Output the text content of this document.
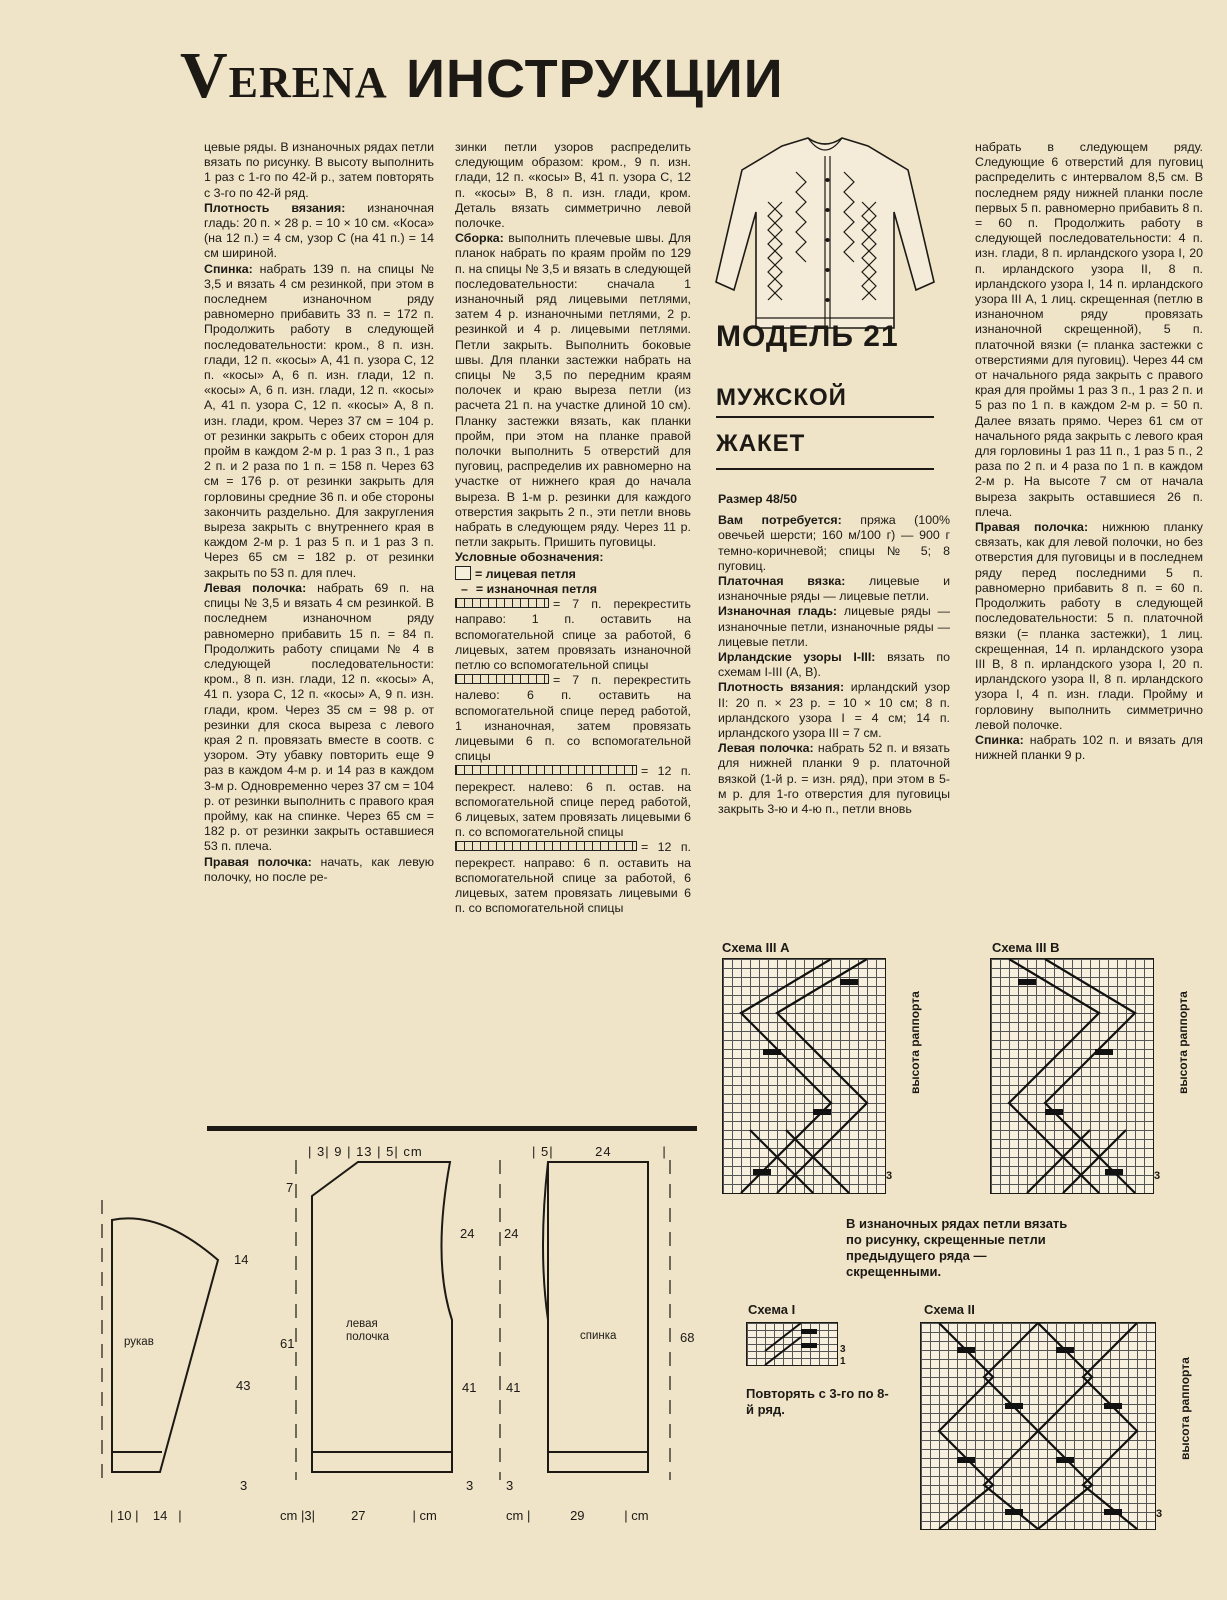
VERENA ИНСТРУКЦИИ

цевые ряды. В изнаночных рядах петли вязать по рисунку. В высоту выполнить 1 раз с 1-го по 42-й р., затем повторять с 3-го по 42-й ряд.

Плотность вязания: изнаночная гладь: 20 п. × 28 р. = 10 × 10 см. «Коса» (на 12 п.) = 4 см, узор С (на 41 п.) = 14 см шириной.

Спинка: набрать 139 п. на спицы № 3,5 и вязать 4 см резинкой, при этом в последнем изнаночном ряду равномерно прибавить 33 п. = 172 п. Продолжить работу в следующей последовательности: кром., 8 п. изн. глади, 12 п. «косы» А, 41 п. узора С, 12 п. «косы» А, 6 п. изн. глади, 12 п. «косы» А, 6 п. изн. глади, 12 п. «косы» А, 41 п. узора С, 12 п. «косы» А, 8 п. изн. глади, кром. Через 37 см = 104 р. от резинки закрыть с обеих сторон для пройм в каждом 2-м р. 1 раз 3 п., 1 раз 2 п. и 2 раза по 1 п. = 158 п. Через 63 см = 176 р. от резинки закрыть для горловины средние 36 п. и обе стороны закончить раздельно. Для закругления выреза закрыть с внутреннего края в каждом 2-м р. 1 раз 5 п. и 1 раз 3 п. Через 65 см = 182 р. от резинки закрыть по 53 п. для плеч.

Левая полочка: набрать 69 п. на спицы № 3,5 и вязать 4 см резинкой. В последнем изнаночном ряду равномерно прибавить 15 п. = 84 п. Продолжить работу спицами № 4 в следующей последовательности: кром., 8 п. изн. глади, 12 п. «косы» А, 41 п. узора С, 12 п. «косы» А, 9 п. изн. глади, кром. Через 35 см = 98 р. от резинки для скоса выреза с левого края 2 п. провязать вместе в соотв. с узором. Эту убавку повторить еще 9 раз в каждом 4-м р. и 14 раз в каждом 3-м р. Одновременно через 37 см = 104 р. от резинки выполнить с правого края пройму, как на спинке. Через 65 см = 182 р. от резинки закрыть оставшиеся 53 п. плеча.

Правая полочка: начать, как левую полочку, но после ре-

зинки петли узоров распределить следующим образом: кром., 9 п. изн. глади, 12 п. «косы» В, 41 п. узора С, 12 п. «косы» В, 8 п. изн. глади, кром. Деталь вязать симметрично левой полочке.

Сборка: выполнить плечевые швы. Для планок набрать по краям пройм по 129 п. на спицы № 3,5 и вязать в следующей последовательности: сначала 1 изнаночный ряд лицевыми петлями, затем 4 р. изнаночными петлями, 2 р. резинкой и 4 р. лицевыми петлями. Петли закрыть. Выполнить боковые швы. Для планки застежки набрать на спицы № 3,5 по передним краям полочек и краю выреза петли (из расчета 21 п. на участке длиной 10 см). Планку застежки вязать, как планки пройм, при этом на планке правой полочки выполнить 5 отверстий для пуговиц, распределив их равномерно на участке от нижнего края до начала выреза. В 1-м р. резинки для каждого отверстия закрыть 2 п., эти петли вновь набрать в следующем ряду. Через 11 р. петли закрыть. Пришить пуговицы.

Условные обозначения:

= лицевая петля

– = изнаночная петля

= 7 п. перекрестить направо: 1 п. оставить на вспомогательной спице за работой, 6 лицевых, затем провязать изнаночной петлю со вспомогательной спицы

= 7 п. перекрестить налево: 6 п. оставить на вспомогательной спице перед работой, 1 изнаночная, затем провязать лицевыми 6 п. со вспомогательной спицы

= 12 п. перекрест. налево: 6 п. остав. на вспомогательной спице перед работой, 6 лицевых, затем провязать лицевыми 6 п. со вспомогательной спицы

= 12 п. перекрест. направо: 6 п. оставить на вспомогательной спице за работой, 6 лицевых, затем провязать лицевыми 6 п. со вспомогательной спицы

МОДЕЛЬ 21
МУЖСКОЙ
ЖАКЕТ

Размер 48/50

Вам потребуется: пряжа (100% овечьей шерсти; 160 м/100 г) — 900 г темно-коричневой; спицы № 5; 8 пуговиц.

Платочная вязка: лицевые и изнаночные ряды — лицевые петли.

Изнаночная гладь: лицевые ряды — изнаночные петли, изнаночные ряды — лицевые петли.

Ирландские узоры I-III: вязать по схемам I-III (А, В).

Плотность вязания: ирландский узор II: 20 п. × 23 р. = 10 × 10 см; 8 п. ирландского узора I = 4 см; 14 п. ирландского узора III = 7 см.

Левая полочка: набрать 52 п. и вязать для нижней планки 9 р. платочной вязкой (1-й р. = изн. ряд), при этом в 5-м р. для 1-го отверстия для пуговицы закрыть 3-ю и 4-ю п., петли вновь

набрать в следующем ряду. Следующие 6 отверстий для пуговиц распределить с интервалом 8,5 см. В последнем ряду нижней планки после первых 5 п. равномерно прибавить 8 п. = 60 п. Продолжить работу в следующей последовательности: 4 п. изн. глади, 8 п. ирландского узора I, 20 п. ирландского узора II, 8 п. ирландского узора I, 14 п. ирландского узора III А, 1 лиц. скрещенная (петлю в изнаночном ряду провязать изнаночной скрещенной), 5 п. платочной вязки (= планка застежки с отверстиями для пуговиц). Через 44 см от начального ряда закрыть с правого края для проймы 1 раз 3 п., 1 раз 2 п. и 5 раз по 1 п. в каждом 2-м р. = 50 п. Далее вязать прямо. Через 61 см от начального ряда закрыть с левого края для горловины 1 раз 11 п., 1 раз 5 п., 2 раза по 2 п. и 4 раза по 1 п. в каждом 2-м р. На высоте 7 см от начала выреза закрыть оставшиеся 26 п. плеча.

Правая полочка: нижнюю планку связать, как для левой полочки, но без отверстия для пуговицы и в последнем ряду перед последними 5 п. равномерно прибавить 8 п. = 60 п. Продолжить работу в следующей последовательности: 5 п. платочной вязки (= планка застежки), 1 лиц. скрещенная, 14 п. ирландского узора III В, 8 п. ирландского узора I, 20 п. ирландского узора II, 8 п. ирландского узора I, 4 п. изн. глади. Пройму и горловину выполнить симметрично левой полочке.

Спинка: набрать 102 п. и вязать для нижней планки 9 р.

Схема III А
высота раппорта
3
Схема III В
высота раппорта
3
В изнаночных рядах петли вязать по рисунку, скрещенные петли предыдущего ряда — скрещенными.
Схема I
3
1
Повторять с 3-го по 8-й ряд.
Схема II
высота раппорта
3
| 3| 9 | 13 | 5| cm	| 5|         24           |
7
24 24
14
рукав
левая
полочка
61	спинка	68
43	41 41
3	3	3
| 10 |    14   |	cm |3|          27             | cm	cm |           29           | cm
